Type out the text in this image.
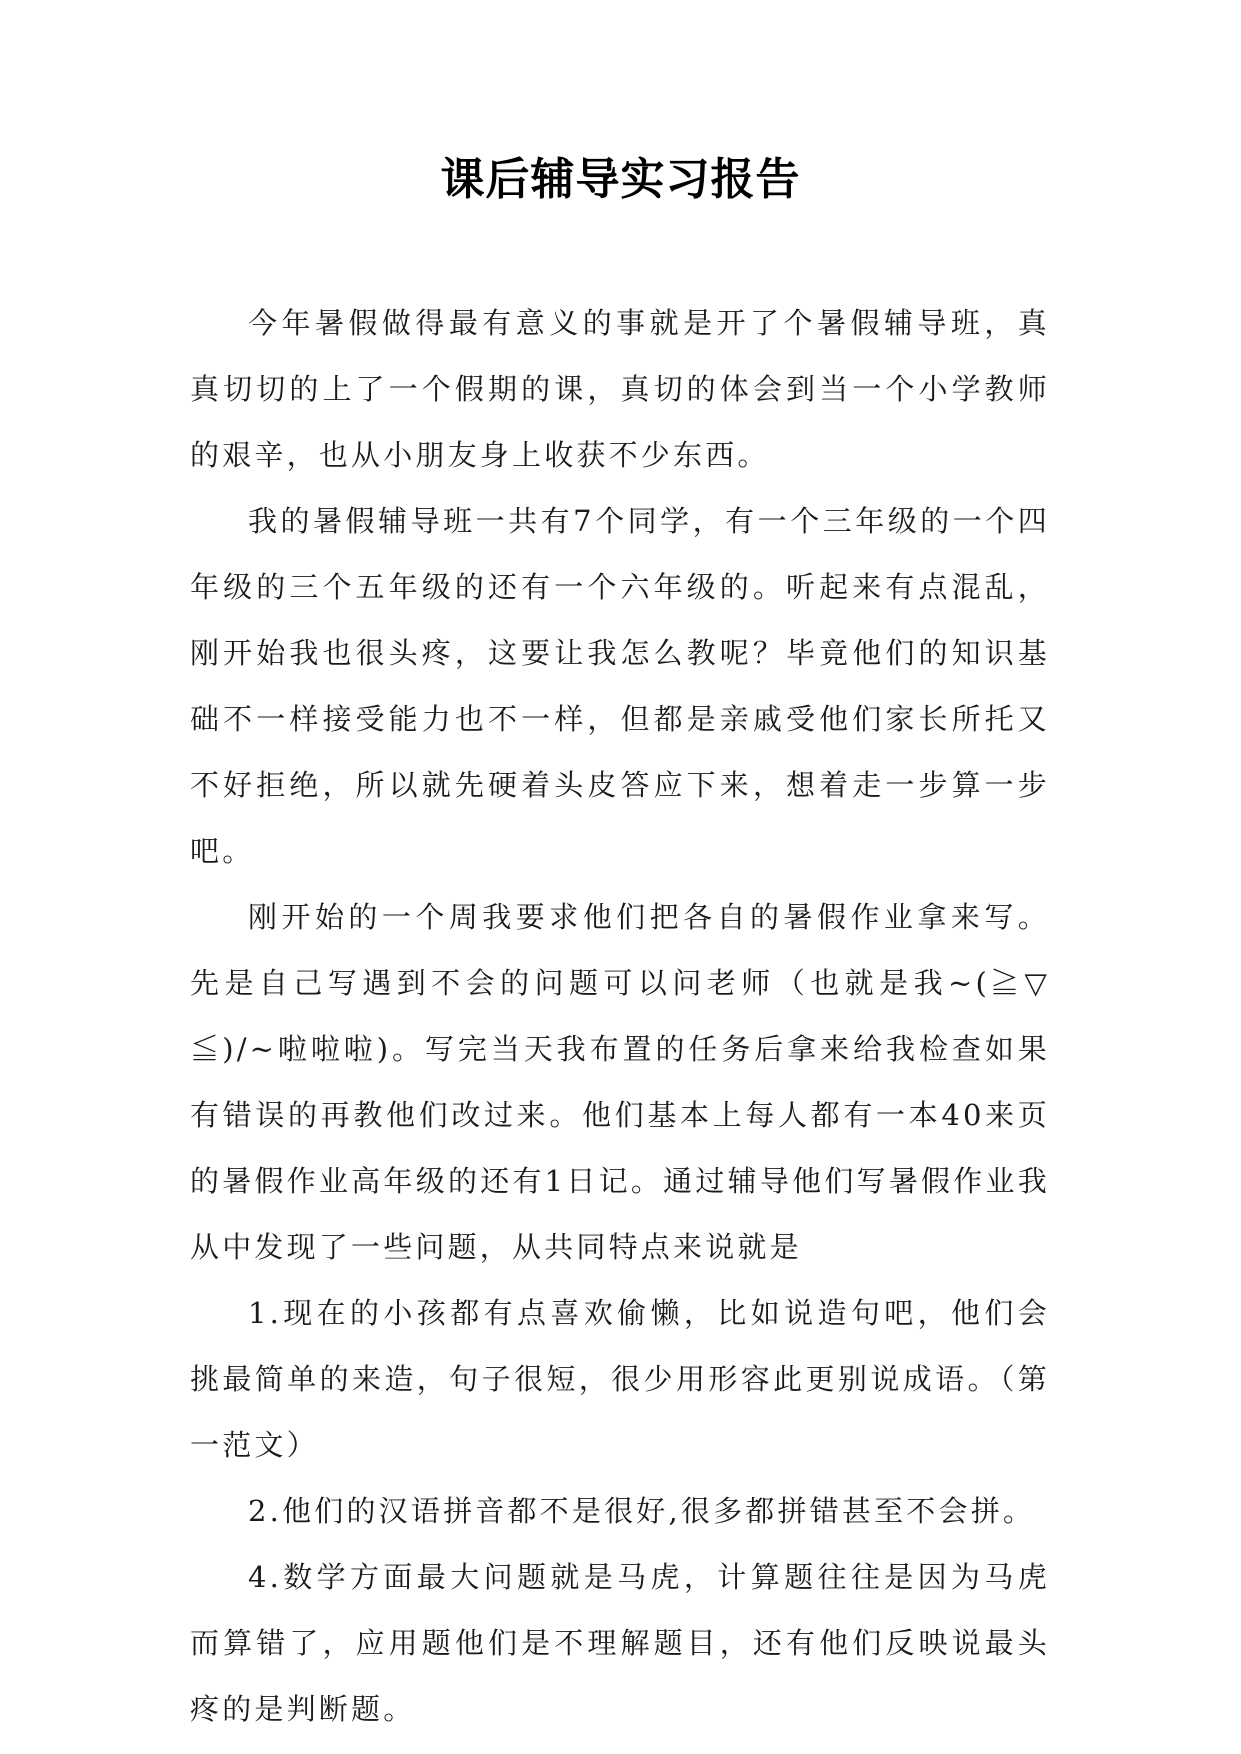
课后辅导实习报告

今年暑假做得最有意义的事就是开了个暑假辅导班，真真切切的上了一个假期的课，真切的体会到当一个小学教师的艰辛，也从小朋友身上收获不少东西。

我的暑假辅导班一共有7个同学，有一个三年级的一个四年级的三个五年级的还有一个六年级的。听起来有点混乱，刚开始我也很头疼，这要让我怎么教呢？毕竟他们的知识基础不一样接受能力也不一样，但都是亲戚受他们家长所托又不好拒绝，所以就先硬着头皮答应下来，想着走一步算一步吧。

刚开始的一个周我要求他们把各自的暑假作业拿来写。先是自己写遇到不会的问题可以问老师（也就是我~(≧▽≦)/~啦啦啦)。写完当天我布置的任务后拿来给我检查如果有错误的再教他们改过来。他们基本上每人都有一本40来页的暑假作业高年级的还有1日记。通过辅导他们写暑假作业我从中发现了一些问题，从共同特点来说就是

1.现在的小孩都有点喜欢偷懒，比如说造句吧，他们会挑最简单的来造，句子很短，很少用形容此更别说成语。（第一范文）

2.他们的汉语拼音都不是很好,很多都拼错甚至不会拼。

4.数学方面最大问题就是马虎，计算题往往是因为马虎而算错了，应用题他们是不理解题目，还有他们反映说最头疼的是判断题。
